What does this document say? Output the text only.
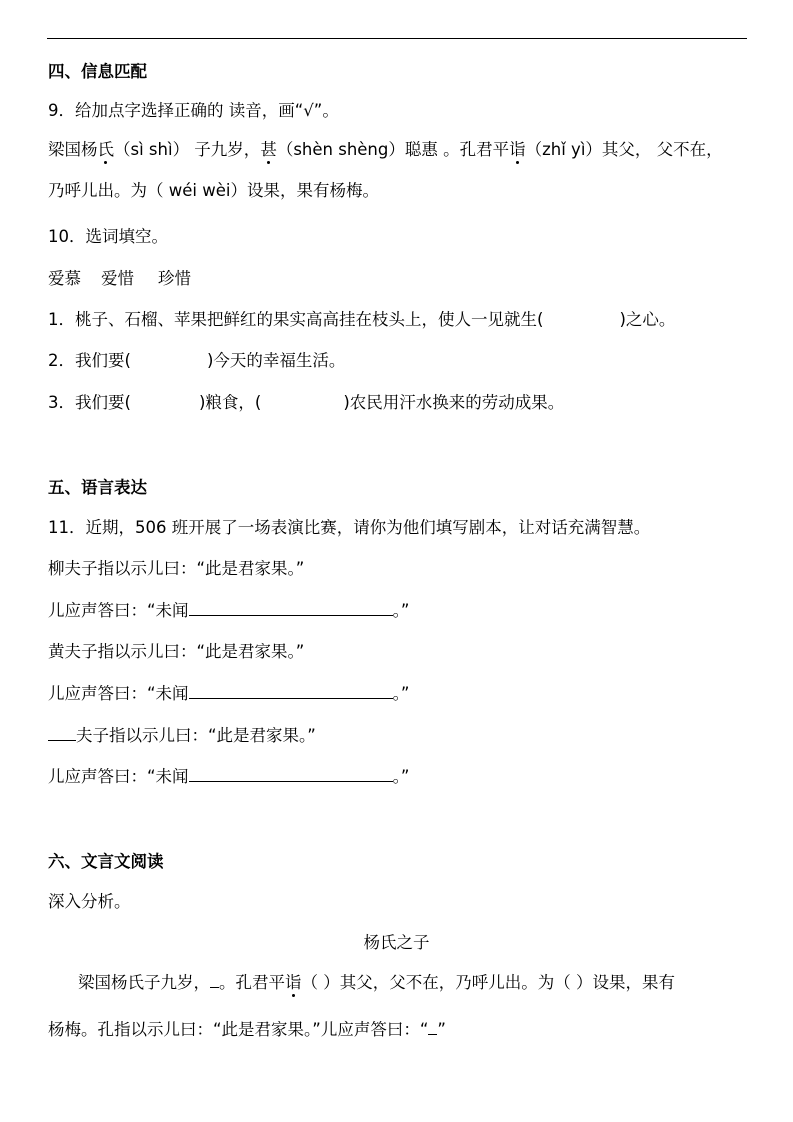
四、信息匹配
9．给加点字选择正确的 读音，画“√”。
梁国杨氏（sì shì） 子九岁，甚（shèn shèng）聪惠 。孔君平诣（zhǐ yì）其父， 父不在，
乃呼儿出。为（ wéi wèi）设果，果有杨梅。
10．选词填空。
爱慕 爱惜 珍惜
1．桃子、石榴、苹果把鲜红的果实高高挂在枝头上，使人一见就生(	)之心。
2．我们要(	)今天的幸福生活。
3．我们要(	)粮食，(	)农民用汗水换来的劳动成果。
五、语言表达
11．近期，506 班开展了一场表演比赛，请你为他们填写剧本，让对话充满智慧。
柳夫子指以示儿曰：“此是君家果。”
儿应声答曰：“未闻	。”
黄夫子指以示儿曰：“此是君家果。”
儿应声答曰：“未闻	。”
夫子指以示儿曰：“此是君家果。”
儿应声答曰：“未闻	。”
六、文言文阅读
深入分析。
杨氏之子
梁国杨氏子九岁， 。孔君平诣（ ）其父，父不在，乃呼儿出。为（ ）设果，果有
杨梅。孔指以示儿曰：“此是君家果。”儿应声答曰：“ ”
